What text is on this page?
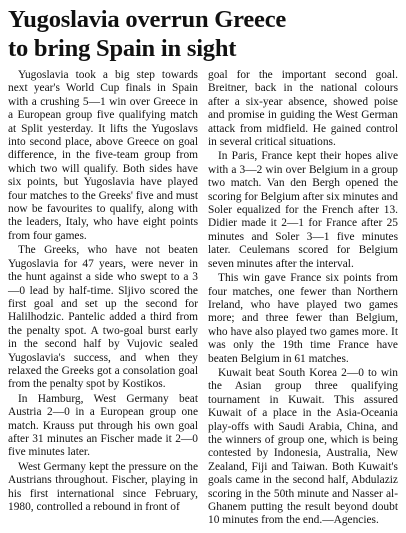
Yugoslavia overrun Greece
to bring Spain in sight

Yugoslavia took a big step towards next year's World Cup finals in Spain with a crushing 5—1 win over Greece in a European group five qualifying match at Split yesterday. It lifts the Yugoslavs into second place, above Greece on goal difference, in the five-team group from which two will qualify. Both sides have six points, but Yugoslavia have played four matches to the Greeks' five and must now be favourites to qualify, along with the leaders, Italy, who have eight points from four games.

The Greeks, who have not beaten Yugoslavia for 47 years, were never in the hunt against a side who swept to a 3—0 lead by half-time. Sljivo scored the first goal and set up the second for Halilhodzic. Pantelic added a third from the penalty spot. A two-goal burst early in the second half by Vujovic sealed Yugoslavia's success, and when they relaxed the Greeks got a consolation goal from the penalty spot by Kostikos.

In Hamburg, West Germany beat Austria 2—0 in a European group one match. Krauss put through his own goal after 31 minutes an Fischer made it 2—0 five minutes later.

West Germany kept the pressure on the Austrians throughout. Fischer, playing in his first international since February, 1980, controlled a rebound in front of

goal for the important second goal. Breitner, back in the national colours after a six-year absence, showed poise and promise in guiding the West German attack from midfield. He gained control in several critical situations.

In Paris, France kept their hopes alive with a 3—2 win over Belgium in a group two match. Van den Bergh opened the scoring for Belgium after six minutes and Soler equalized for the French after 13. Didier made it 2—1 for France after 25 minutes and Soler 3—1 five minutes later. Ceulemans scored for Belgium seven minutes after the interval.

This win gave France six points from four matches, one fewer than Northern Ireland, who have played two games more; and three fewer than Belgium, who have also played two games more. It was only the 19th time France have beaten Belgium in 61 matches.

Kuwait beat South Korea 2—0 to win the Asian group three qualifying tournament in Kuwait. This assured Kuwait of a place in the Asia-Oceania play-offs with Saudi Arabia, China, and the winners of group one, which is being contested by Indonesia, Australia, New Zealand, Fiji and Taiwan. Both Kuwait's goals came in the second half, Abdulaziz scoring in the 50th minute and Nasser al-Ghanem putting the result beyond doubt 10 minutes from the end.—Agencies.
